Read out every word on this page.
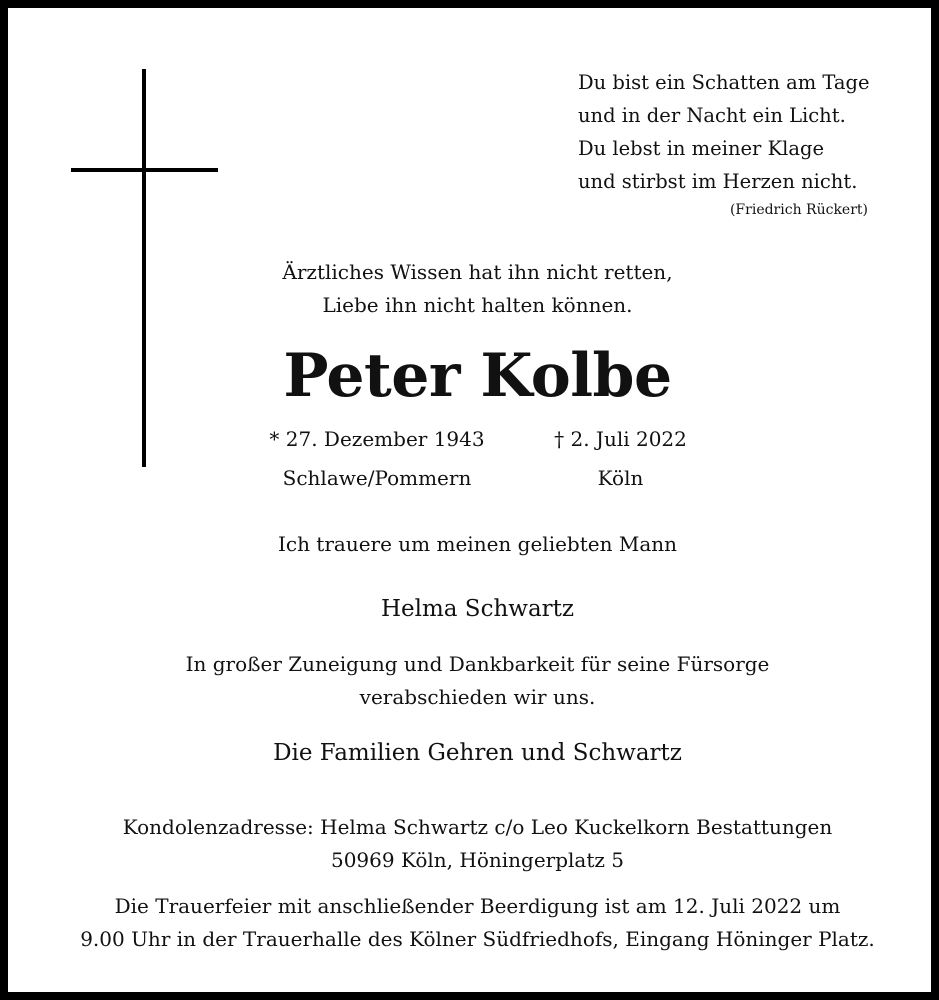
Du bist ein Schatten am Tage
und in der Nacht ein Licht.
Du lebst in meiner Klage
und stirbst im Herzen nicht.
(Friedrich Rückert)
Ärztliches Wissen hat ihn nicht retten,
Liebe ihn nicht halten können.
Peter Kolbe
* 27. Dezember 1943	† 2. Juli 2022
Schlawe/Pommern	Köln
Ich trauere um meinen geliebten Mann
Helma Schwartz
In großer Zuneigung und Dankbarkeit für seine Fürsorge
verabschieden wir uns.
Die Familien Gehren und Schwartz
Kondolenzadresse: Helma Schwartz c/o Leo Kuckelkorn Bestattungen
50969 Köln, Höningerplatz 5
Die Trauerfeier mit anschließender Beerdigung ist am 12. Juli 2022 um
9.00 Uhr in der Trauerhalle des Kölner Südfriedhofs, Eingang Höninger Platz.
